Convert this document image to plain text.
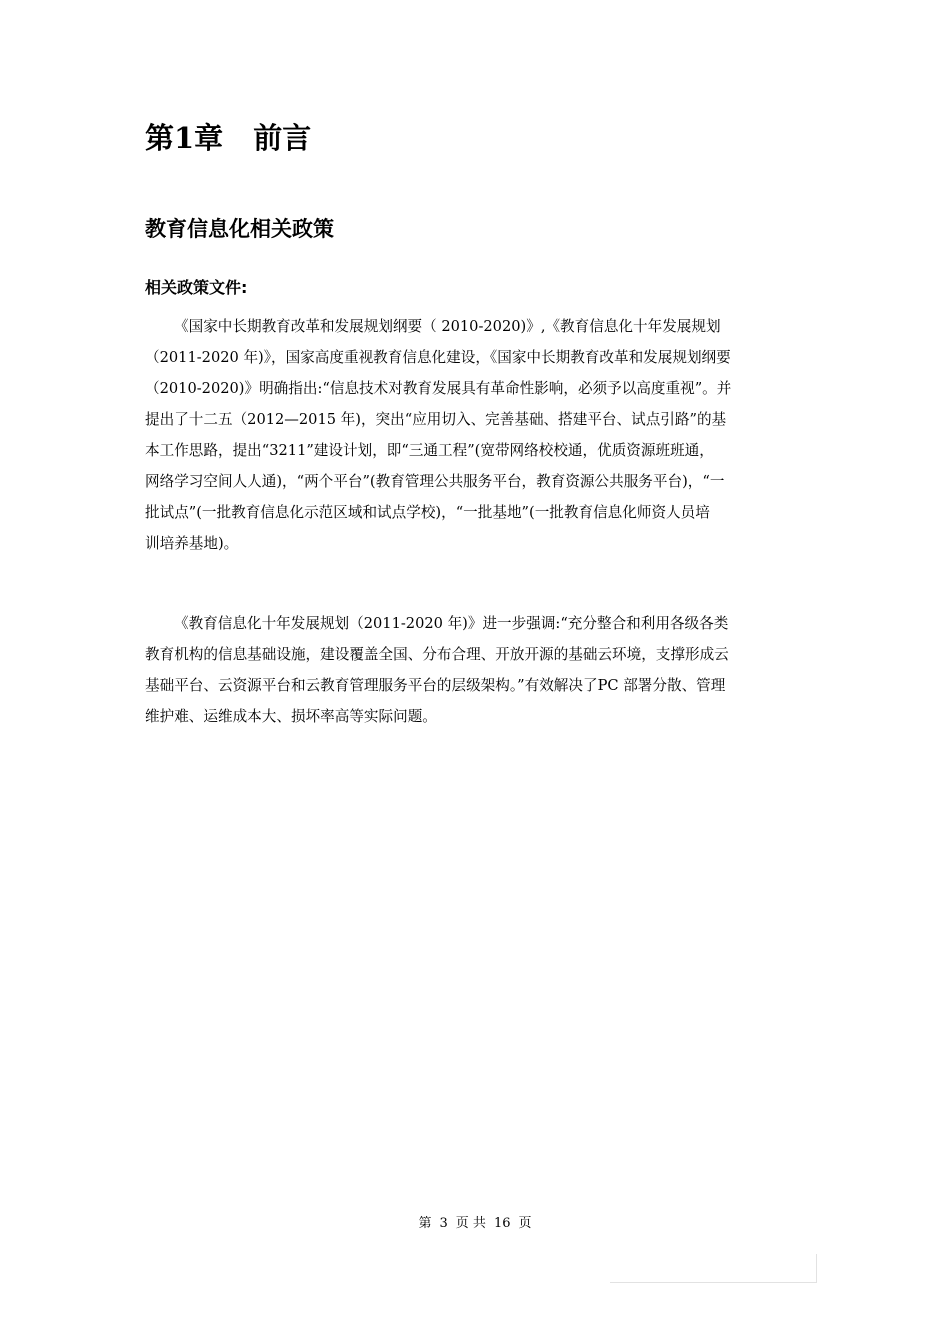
第1章 前言
教育信息化相关政策
相关政策文件:
《国家中长期教育改革和发展规划纲要（ 2010-2020)》,《教育信息化十年发展规划
（2011-2020 年)》，国家高度重视教育信息化建设，《国家中长期教育改革和发展规划纲要
（2010-2020)》明确指出:“信息技术对教育发展具有革命性影响，必须予以高度重视”。并
提出了十二五（2012—2015 年)，突出“应用切入、完善基础、搭建平台、试点引路”的基
本工作思路，提出“3211”建设计划，即“三通工程”(宽带网络校校通，优质资源班班通，
网络学习空间人人通)，“两个平台”(教育管理公共服务平台，教育资源公共服务平台)，“一
批试点”(一批教育信息化示范区域和试点学校)，“一批基地”(一批教育信息化师资人员培
训培养基地)。
《教育信息化十年发展规划（2011-2020 年)》进一步强调:“充分整合和利用各级各类
教育机构的信息基础设施，建设覆盖全国、分布合理、开放开源的基础云环境，支撑形成云
基础平台、云资源平台和云教育管理服务平台的层级架构。”有效解决了PC 部署分散、管理
维护难、运维成本大、损坏率高等实际问题。
第 3 页 共 16 页
